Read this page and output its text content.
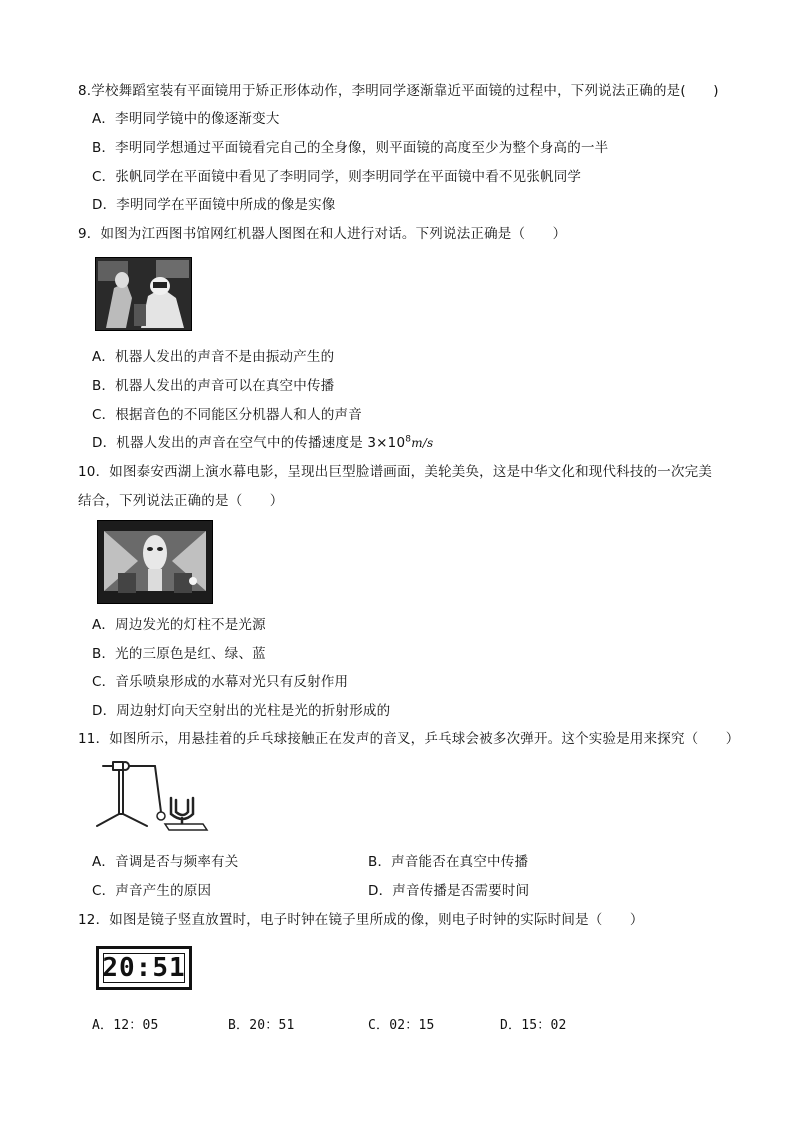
8.学校舞蹈室装有平面镜用于矫正形体动作，李明同学逐渐靠近平面镜的过程中，下列说法正确的是(　　)
A．李明同学镜中的像逐渐变大
B．李明同学想通过平面镜看完自己的全身像，则平面镜的高度至少为整个身高的一半
C．张帆同学在平面镜中看见了李明同学，则李明同学在平面镜中看不见张帆同学
D．李明同学在平面镜中所成的像是实像
9．如图为江西图书馆网红机器人图图在和人进行对话。下列说法正确是（　　）
A．机器人发出的声音不是由振动产生的
B．机器人发出的声音可以在真空中传播
C．根据音色的不同能区分机器人和人的声音
D．机器人发出的声音在空气中的传播速度是 $3\times 10^8m/s$
10．如图泰安西湖上演水幕电影，呈现出巨型脸谱画面，美轮美奂，这是中华文化和现代科技的一次完美
结合，下列说法正确的是（　　）
A．周边发光的灯柱不是光源
B．光的三原色是红、绿、蓝
C．音乐喷泉形成的水幕对光只有反射作用
D．周边射灯向天空射出的光柱是光的折射形成的
11．如图所示，用悬挂着的乒乓球接触正在发声的音叉，乒乓球会被多次弹开。这个实验是用来探究（　　）
A．音调是否与频率有关	B．声音能否在真空中传播
C．声音产生的原因	D．声音传播是否需要时间
12．如图是镜子竖直放置时，电子时钟在镜子里所成的像，则电子时钟的实际时间是（　　）
20:51
A．12：05	B．20：51	C．02：15	D．15：02
